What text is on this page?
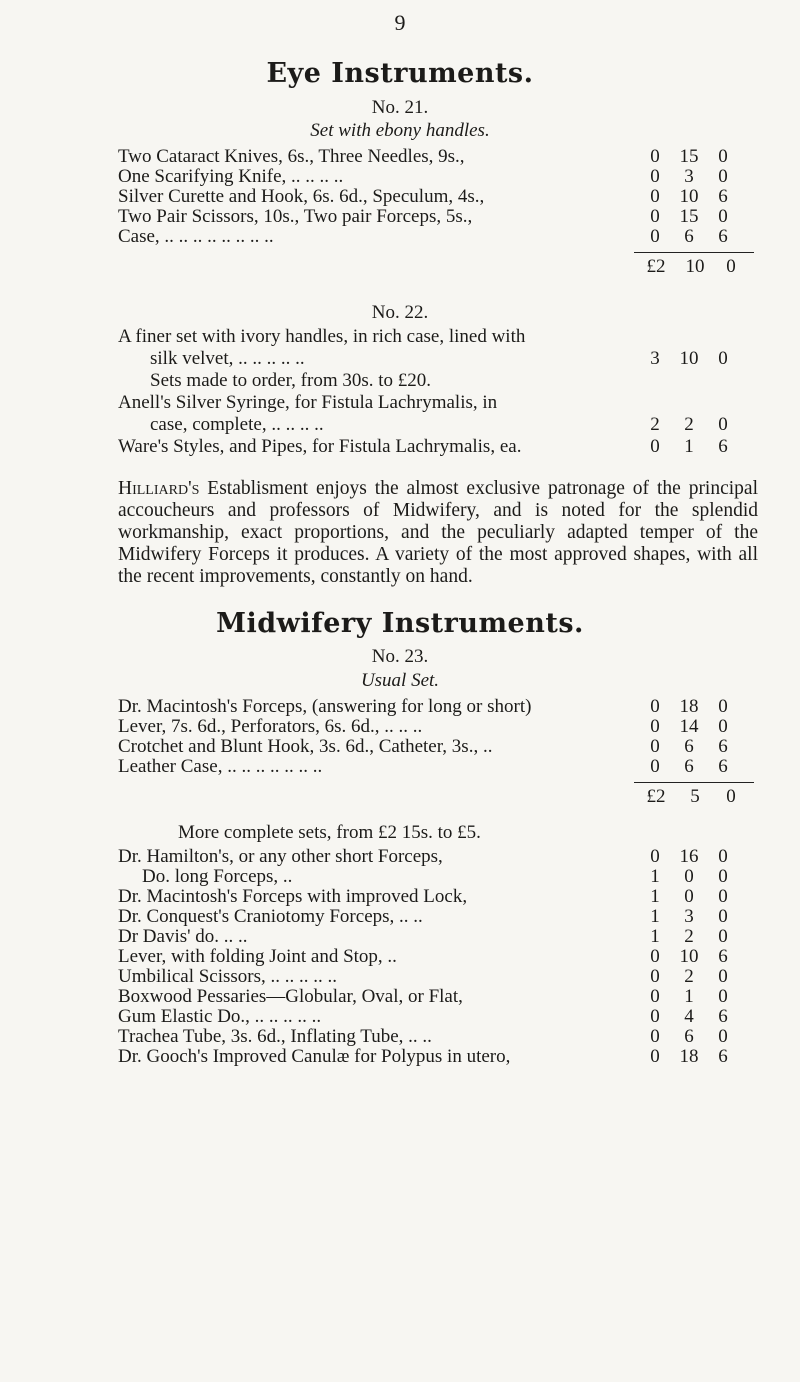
9
Eye Instruments.
No. 21.
Set with ebony handles.
Two Cataract Knives, 6s., Three Needles, 9s.,	0 15 0
One Scarifying Knife, .. .. .. ..	0 3 0
Silver Curette and Hook, 6s. 6d., Speculum, 4s.,	0 10 6
Two Pair Scissors, 10s., Two pair Forceps, 5s.,	0 15 0
Case, .. .. .. .. .. .. .. ..	0 6 6
£2 10 0
No. 22.
A finer set with ivory handles, in rich case, lined with
silk velvet, .. .. .. .. ..	3 10 0
Sets made to order, from 30s. to £20.
Anell's Silver Syringe, for Fistula Lachrymalis, in
case, complete, .. .. .. ..	2 2 0
Ware's Styles, and Pipes, for Fistula Lachrymalis, ea.	0 1 6
Hilliard's Establisment enjoys the almost exclusive patronage of the principal accoucheurs and professors of Midwifery, and is noted for the splendid workmanship, exact proportions, and the peculiarly adapted temper of the Midwifery Forceps it produces. A variety of the most approved shapes, with all the recent improvements, constantly on hand.
Midwifery Instruments.
No. 23.
Usual Set.
Dr. Macintosh's Forceps, (answering for long or short)	0 18 0
Lever, 7s. 6d., Perforators, 6s. 6d., .. .. ..	0 14 0
Crotchet and Blunt Hook, 3s. 6d., Catheter, 3s., ..	0 6 6
Leather Case, .. .. .. .. .. .. ..	0 6 6
£2 5 0
More complete sets, from £2 15s. to £5.
Dr. Hamilton's, or any other short Forceps,	0 16 0
Do. long Forceps, ..	1 0 0
Dr. Macintosh's Forceps with improved Lock,	1 0 0
Dr. Conquest's Craniotomy Forceps, .. ..	1 3 0
Dr Davis' do. .. ..	1 2 0
Lever, with folding Joint and Stop, ..	0 10 6
Umbilical Scissors, .. .. .. .. ..	0 2 0
Boxwood Pessaries—Globular, Oval, or Flat,	0 1 0
Gum Elastic Do., .. .. .. .. ..	0 4 6
Trachea Tube, 3s. 6d., Inflating Tube, .. ..	0 6 0
Dr. Gooch's Improved Canulæ for Polypus in utero,	0 18 6
